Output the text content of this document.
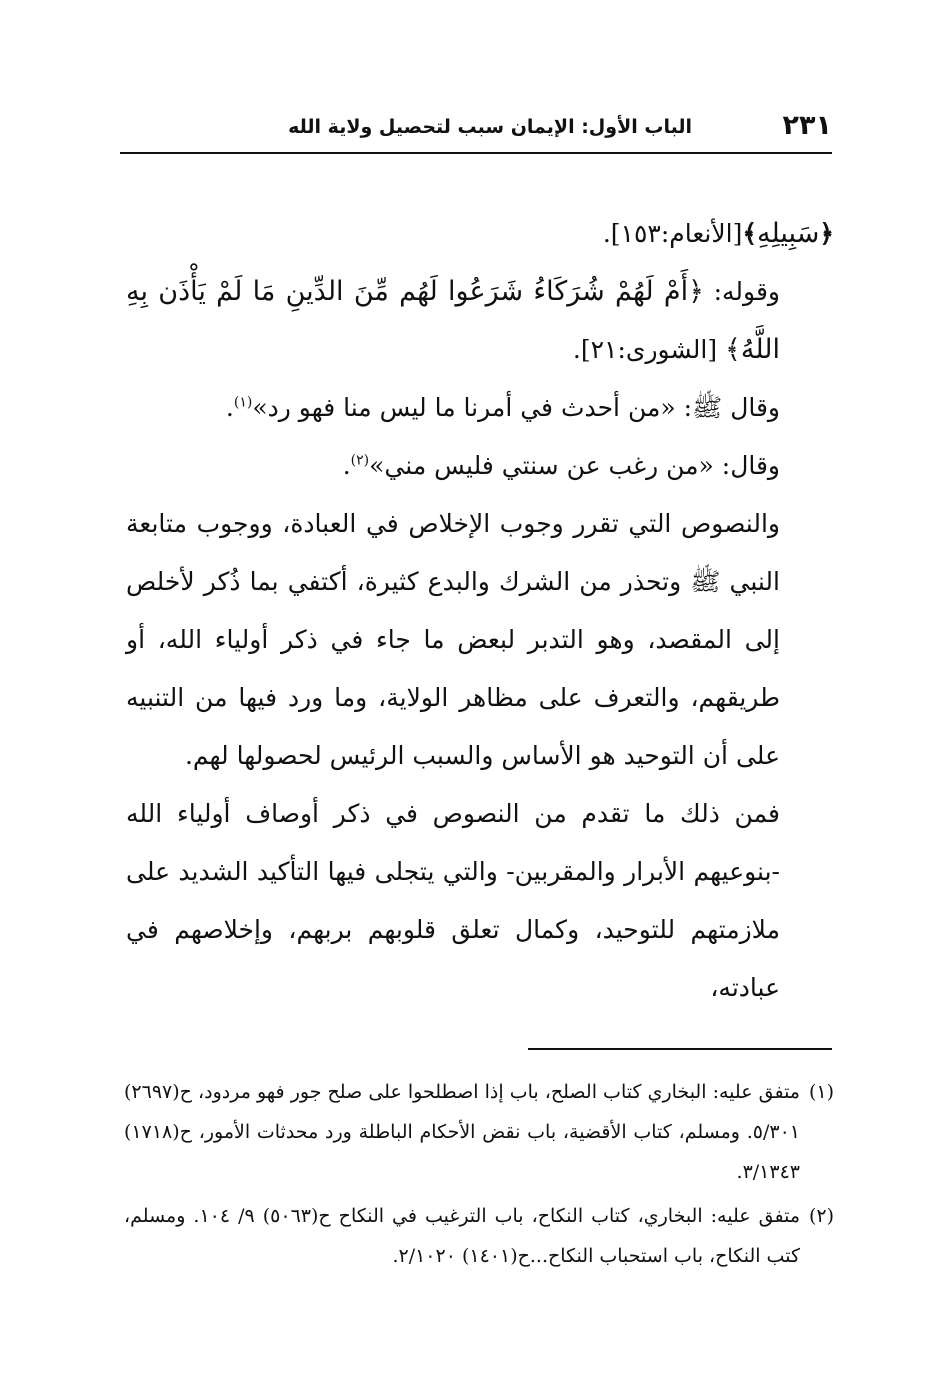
٢٣١
الباب الأول: الإيمان سبب لتحصيل ولاية الله

﴿سَبِيلِهِ﴾[الأنعام:١٥٣].

وقوله: ﴿أَمْ لَهُمْ شُرَكَاءُ شَرَعُوا لَهُم مِّنَ الدِّينِ مَا لَمْ يَأْذَن بِهِ اللَّهُ﴾ [الشورى:٢١].

وقال ﷺ: «من أحدث في أمرنا ما ليس منا فهو رد»$^{(١)}$.

وقال: «من رغب عن سنتي فليس مني»$^{(٢)}$.

والنصوص التي تقرر وجوب الإخلاص في العبادة، ووجوب متابعة النبي ﷺ وتحذر من الشرك والبدع كثيرة، أكتفي بما ذُكر لأخلص إلى المقصد، وهو التدبر لبعض ما جاء في ذكر أولياء الله، أو طريقهم، والتعرف على مظاهر الولاية، وما ورد فيها من التنبيه على أن التوحيد هو الأساس والسبب الرئيس لحصولها لهم.

فمن ذلك ما تقدم من النصوص في ذكر أوصاف أولياء الله -بنوعيهم الأبرار والمقربين- والتي يتجلى فيها التأكيد الشديد على ملازمتهم للتوحيد، وكمال تعلق قلوبهم بربهم، وإخلاصهم في عبادته،

(١)
متفق عليه: البخاري كتاب الصلح، باب إذا اصطلحوا على صلح جور فهو مردود، ح(٢٦٩٧) ٥/٣٠١. ومسلم، كتاب الأقضية، باب نقض الأحكام الباطلة ورد محدثات الأمور، ح(١٧١٨) ٣/١٣٤٣.

(٢)
متفق عليه: البخاري، كتاب النكاح، باب الترغيب في النكاح ح(٥٠٦٣) ٩/ ١٠٤. ومسلم، كتب النكاح، باب استحباب النكاح...ح(١٤٠١) ٢/١٠٢٠.
